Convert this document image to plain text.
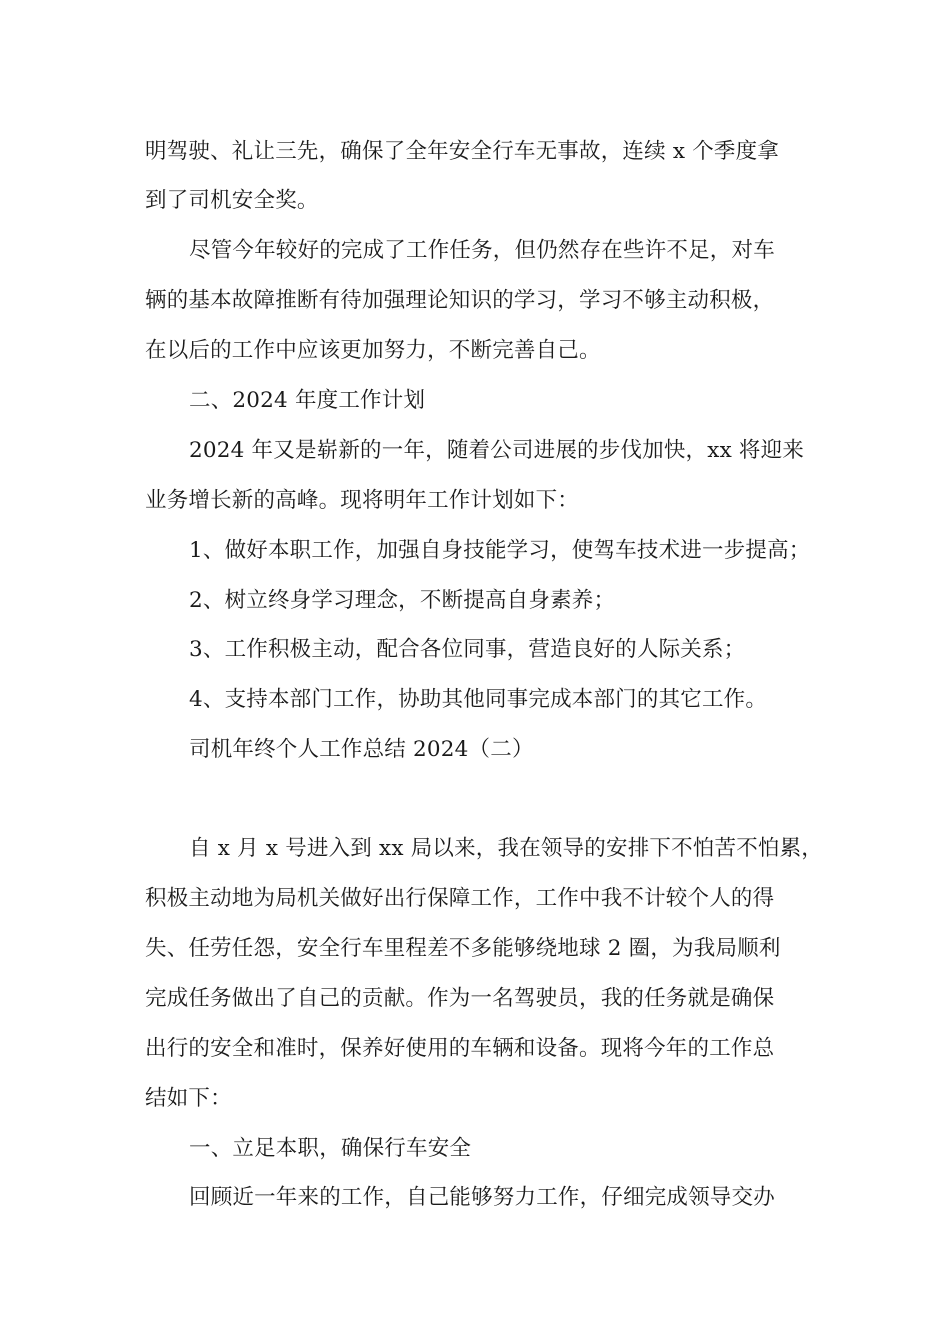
明驾驶、礼让三先，确保了全年安全行车无事故，连续 x 个季度拿
到了司机安全奖。
尽管今年较好的完成了工作任务，但仍然存在些许不足，对车
辆的基本故障推断有待加强理论知识的学习，学习不够主动积极，
在以后的工作中应该更加努力，不断完善自己。
二、2024 年度工作计划
2024 年又是崭新的一年，随着公司进展的步伐加快，xx 将迎来
业务增长新的高峰。现将明年工作计划如下：
1、做好本职工作，加强自身技能学习，使驾车技术进一步提高；
2、树立终身学习理念，不断提高自身素养；
3、工作积极主动，配合各位同事，营造良好的人际关系；
4、支持本部门工作，协助其他同事完成本部门的其它工作。
司机年终个人工作总结 2024（二）
自 x 月 x 号进入到 xx 局以来，我在领导的安排下不怕苦不怕累，
积极主动地为局机关做好出行保障工作，工作中我不计较个人的得
失、任劳任怨，安全行车里程差不多能够绕地球 2 圈，为我局顺利
完成任务做出了自己的贡献。作为一名驾驶员，我的任务就是确保
出行的安全和准时，保养好使用的车辆和设备。现将今年的工作总
结如下：
一、立足本职，确保行车安全
回顾近一年来的工作，自己能够努力工作，仔细完成领导交办
